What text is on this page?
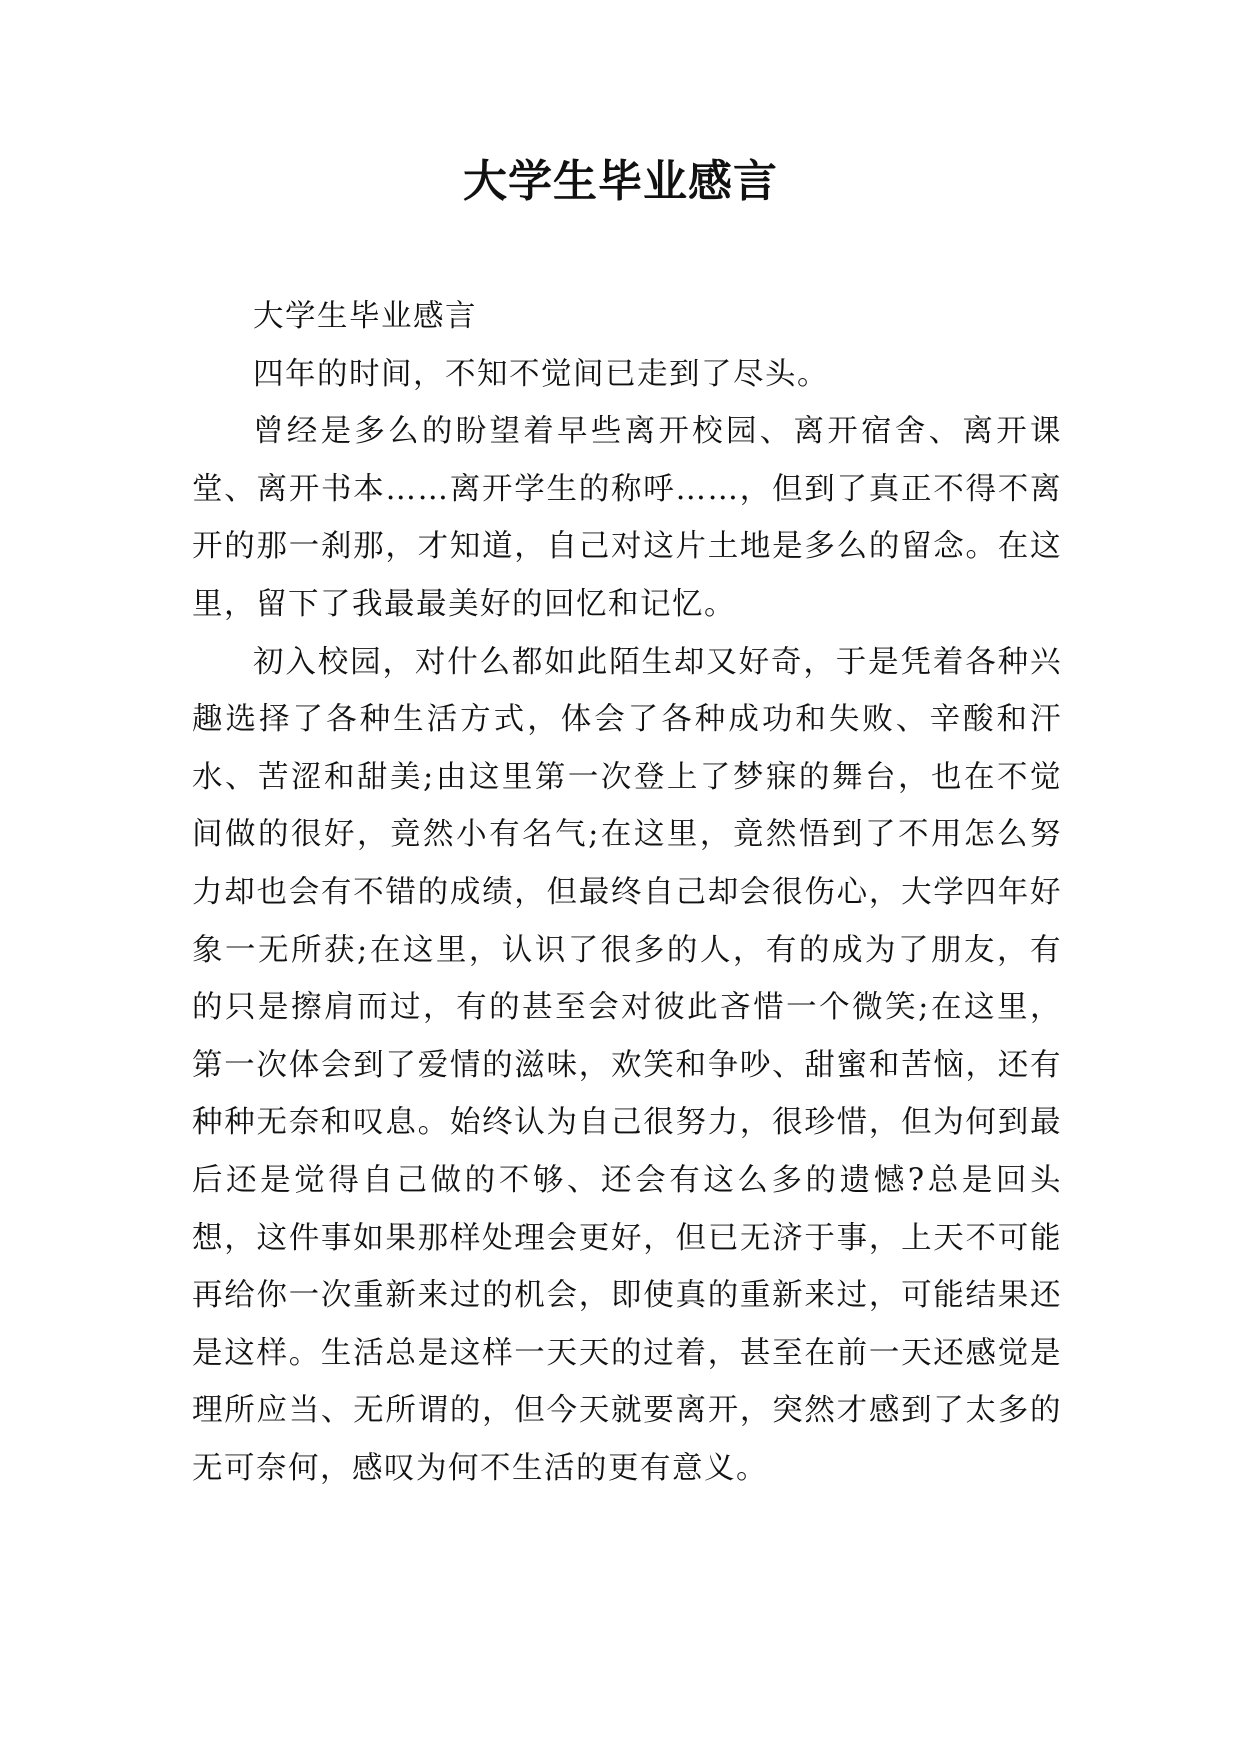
大学生毕业感言

大学生毕业感言

四年的时间，不知不觉间已走到了尽头。

曾经是多么的盼望着早些离开校园、离开宿舍、离开课堂、离开书本……离开学生的称呼……，但到了真正不得不离开的那一刹那，才知道，自己对这片土地是多么的留念。在这里，留下了我最最美好的回忆和记忆。

初入校园，对什么都如此陌生却又好奇，于是凭着各种兴趣选择了各种生活方式，体会了各种成功和失败、辛酸和汗水、苦涩和甜美;由这里第一次登上了梦寐的舞台，也在不觉间做的很好，竟然小有名气;在这里，竟然悟到了不用怎么努力却也会有不错的成绩，但最终自己却会很伤心，大学四年好象一无所获;在这里，认识了很多的人，有的成为了朋友，有的只是擦肩而过，有的甚至会对彼此吝惜一个微笑;在这里，第一次体会到了爱情的滋味，欢笑和争吵、甜蜜和苦恼，还有种种无奈和叹息。始终认为自己很努力，很珍惜，但为何到最后还是觉得自己做的不够、还会有这么多的遗憾?总是回头想，这件事如果那样处理会更好，但已无济于事，上天不可能再给你一次重新来过的机会，即使真的重新来过，可能结果还是这样。生活总是这样一天天的过着，甚至在前一天还感觉是理所应当、无所谓的，但今天就要离开，突然才感到了太多的无可奈何，感叹为何不生活的更有意义。
